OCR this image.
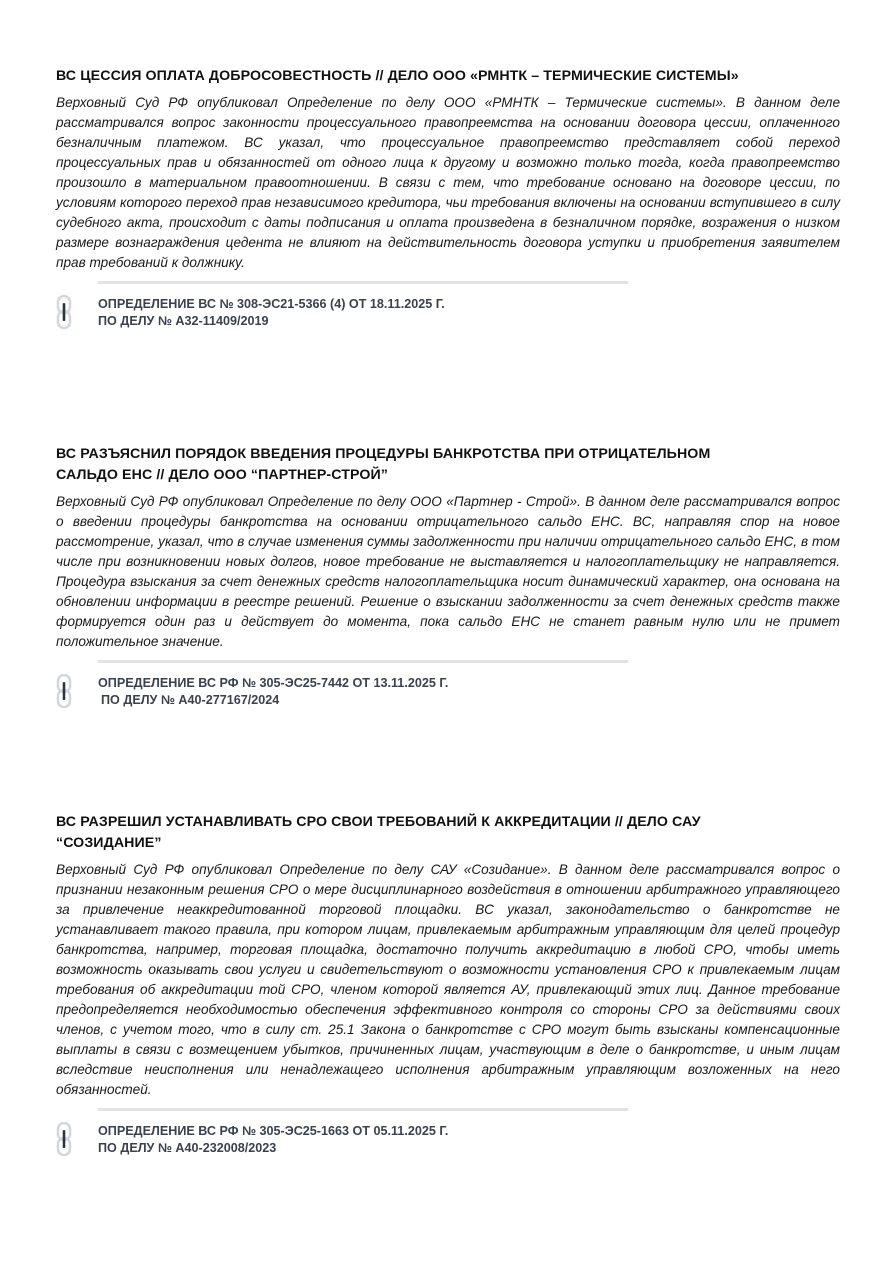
ВС ЦЕССИЯ ОПЛАТА ДОБРОСОВЕСТНОСТЬ // ДЕЛО ООО «РМНТК – ТЕРМИЧЕСКИЕ СИСТЕМЫ»

Верховный Суд РФ опубликовал Определение по делу ООО «РМНТК – Термические системы». В данном деле рассматривался вопрос законности процессуального правопреемства на основании договора цессии, оплаченного безналичным платежом. ВС указал, что процессуальное правопреемство представляет собой переход процессуальных прав и обязанностей от одного лица к другому и возможно только тогда, когда правопреемство произошло в материальном правоотношении. В связи с тем, что требование основано на договоре цессии, по условиям которого переход прав независимого кредитора, чьи требования включены на основании вступившего в силу судебного акта, происходит с даты подписания и оплата произведена в безналичном порядке, возражения о низком размере вознаграждения цедента не влияют на действительность договора уступки и приобретения заявителем прав требований к должнику.

ОПРЕДЕЛЕНИЕ ВС № 308-ЭС21-5366 (4) ОТ 18.11.2025 Г.
ПО ДЕЛУ № А32-11409/2019
ВС РАЗЪЯСНИЛ ПОРЯДОК ВВЕДЕНИЯ ПРОЦЕДУРЫ БАНКРОТСТВА ПРИ ОТРИЦАТЕЛЬНОМ САЛЬДО ЕНС // ДЕЛО ООО “ПАРТНЕР-СТРОЙ”

Верховный Суд РФ опубликовал Определение по делу ООО «Партнер - Строй». В данном деле рассматривался вопрос о введении процедуры банкротства на основании отрицательного сальдо ЕНС. ВС, направляя спор на новое рассмотрение, указал, что в случае изменения суммы задолженности при наличии отрицательного сальдо ЕНС, в том числе при возникновении новых долгов, новое требование не выставляется и налогоплательщику не направляется. Процедура взыскания за счет денежных средств налогоплательщика носит динамический характер, она основана на обновлении информации в реестре решений. Решение о взыскании задолженности за счет денежных средств также формируется один раз и действует до момента, пока сальдо ЕНС не станет равным нулю или не примет положительное значение.

ОПРЕДЕЛЕНИЕ ВС РФ № 305-ЭС25-7442 ОТ 13.11.2025 Г.
ПО ДЕЛУ № А40-277167/2024
ВС РАЗРЕШИЛ УСТАНАВЛИВАТЬ СРО СВОИ ТРЕБОВАНИЙ К АККРЕДИТАЦИИ // ДЕЛО САУ “СОЗИДАНИЕ”

Верховный Суд РФ опубликовал Определение по делу САУ «Созидание». В данном деле рассматривался вопрос о признании незаконным решения СРО о мере дисциплинарного воздействия в отношении арбитражного управляющего за привлечение неаккредитованной торговой площадки. ВС указал, законодательство о банкротстве не устанавливает такого правила, при котором лицам, привлекаемым арбитражным управляющим для целей процедур банкротства, например, торговая площадка, достаточно получить аккредитацию в любой СРО, чтобы иметь возможность оказывать свои услуги и свидетельствуют о возможности установления СРО к привлекаемым лицам требования об аккредитации той СРО, членом которой является АУ, привлекающий этих лиц. Данное требование предопределяется необходимостью обеспечения эффективного контроля со стороны СРО за действиями своих членов, с учетом того, что в силу ст. 25.1 Закона о банкротстве с СРО могут быть взысканы компенсационные выплаты в связи с возмещением убытков, причиненных лицам, участвующим в деле о банкротстве, и иным лицам вследствие неисполнения или ненадлежащего исполнения арбитражным управляющим возложенных на него обязанностей.

ОПРЕДЕЛЕНИЕ ВС РФ № 305-ЭС25-1663 ОТ 05.11.2025 Г.
ПО ДЕЛУ № А40-232008/2023
